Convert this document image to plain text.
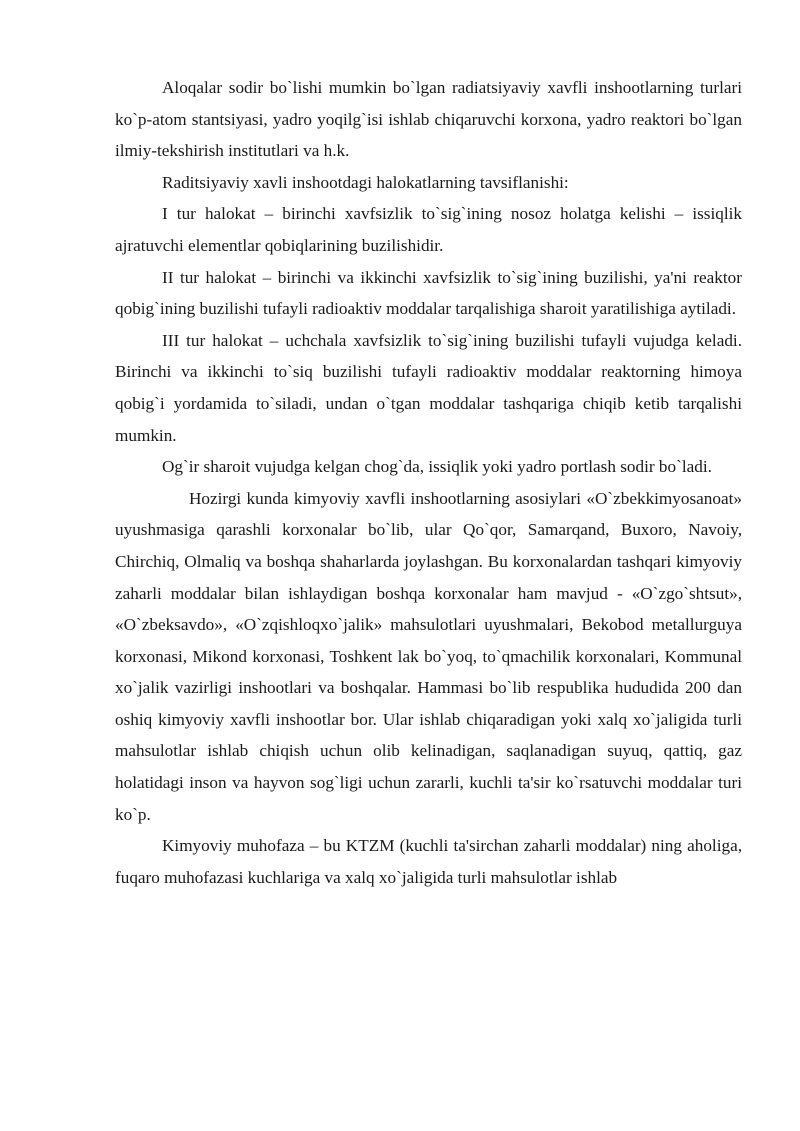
Aloqalar sodir bo`lishi mumkin bo`lgan radiatsiyaviy xavfli inshootlarning turlari ko`p-atom stantsiyasi, yadro yoqilg`isi ishlab chiqaruvchi korxona, yadro reaktori bo`lgan ilmiy-tekshirish institutlari va h.k.

Raditsiyaviy xavli inshootdagi halokatlarning tavsiflanishi:

I tur halokat – birinchi xavfsizlik to`sig`ining nosoz holatga kelishi – issiqlik ajratuvchi elementlar qobiqlarining buzilishidir.

II tur halokat – birinchi va ikkinchi xavfsizlik to`sig`ining buzilishi, ya'ni reaktor qobig`ining buzilishi tufayli radioaktiv moddalar tarqalishiga sharoit yaratilishiga aytiladi.

III tur halokat – uchchala xavfsizlik to`sig`ining buzilishi tufayli vujudga keladi. Birinchi va ikkinchi to`siq buzilishi tufayli radioaktiv moddalar reaktorning himoya qobig`i yordamida to`siladi, undan o`tgan moddalar tashqariga chiqib ketib tarqalishi mumkin.

Og`ir sharoit vujudga kelgan chog`da, issiqlik yoki yadro portlash sodir bo`ladi.

Hozirgi kunda kimyoviy xavfli inshootlarning asosiylari «O`zbekkimyosanoat» uyushmasiga qarashli korxonalar bo`lib, ular Qo`qor, Samarqand, Buxoro, Navoiy, Chirchiq, Olmaliq va boshqa shaharlarda joylashgan. Bu korxonalardan tashqari kimyoviy zaharli moddalar bilan ishlaydigan boshqa korxonalar ham mavjud - «O`zgo`shtsut», «O`zbeksavdo», «O`zqishloqxo`jalik» mahsulotlari uyushmalari, Bekobod metallurguya korxonasi, Mikond korxonasi, Toshkent lak bo`yoq, to`qmachilik korxonalari, Kommunal xo`jalik vazirligi inshootlari va boshqalar. Hammasi bo`lib respublika hududida 200 dan oshiq kimyoviy xavfli inshootlar bor. Ular ishlab chiqaradigan yoki xalq xo`jaligida turli mahsulotlar ishlab chiqish uchun olib kelinadigan, saqlanadigan suyuq, qattiq, gaz holatidagi inson va hayvon sog`ligi uchun zararli, kuchli ta'sir ko`rsatuvchi moddalar turi ko`p.

Kimyoviy muhofaza – bu KTZM (kuchli ta'sirchan zaharli moddalar) ning aholiga, fuqaro muhofazasi kuchlariga va xalq xo`jaligida turli mahsulotlar ishlab
